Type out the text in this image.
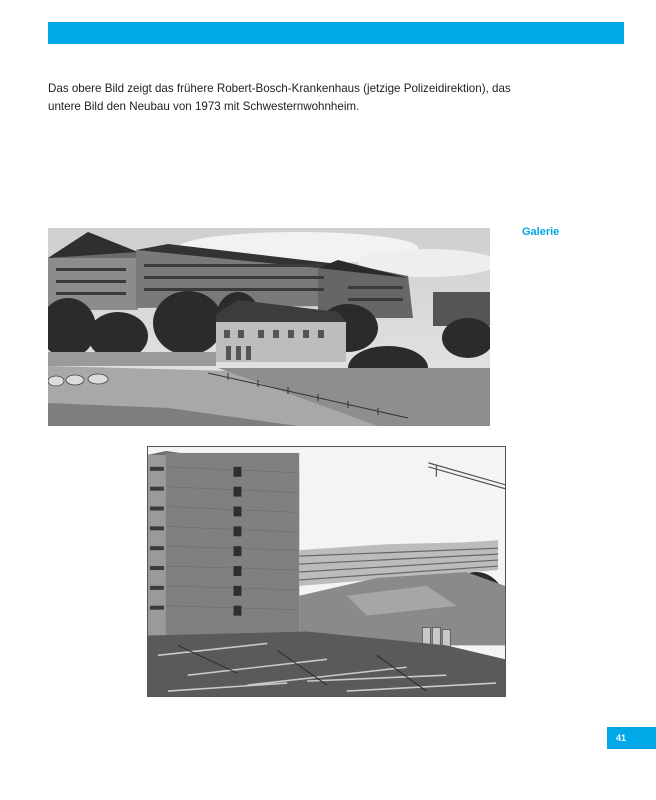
Das obere Bild zeigt das frühere Robert-Bosch-Krankenhaus (jetzige Polizeidirektion), das untere Bild den Neubau von 1973 mit Schwesternwohnheim.

Galerie
41
